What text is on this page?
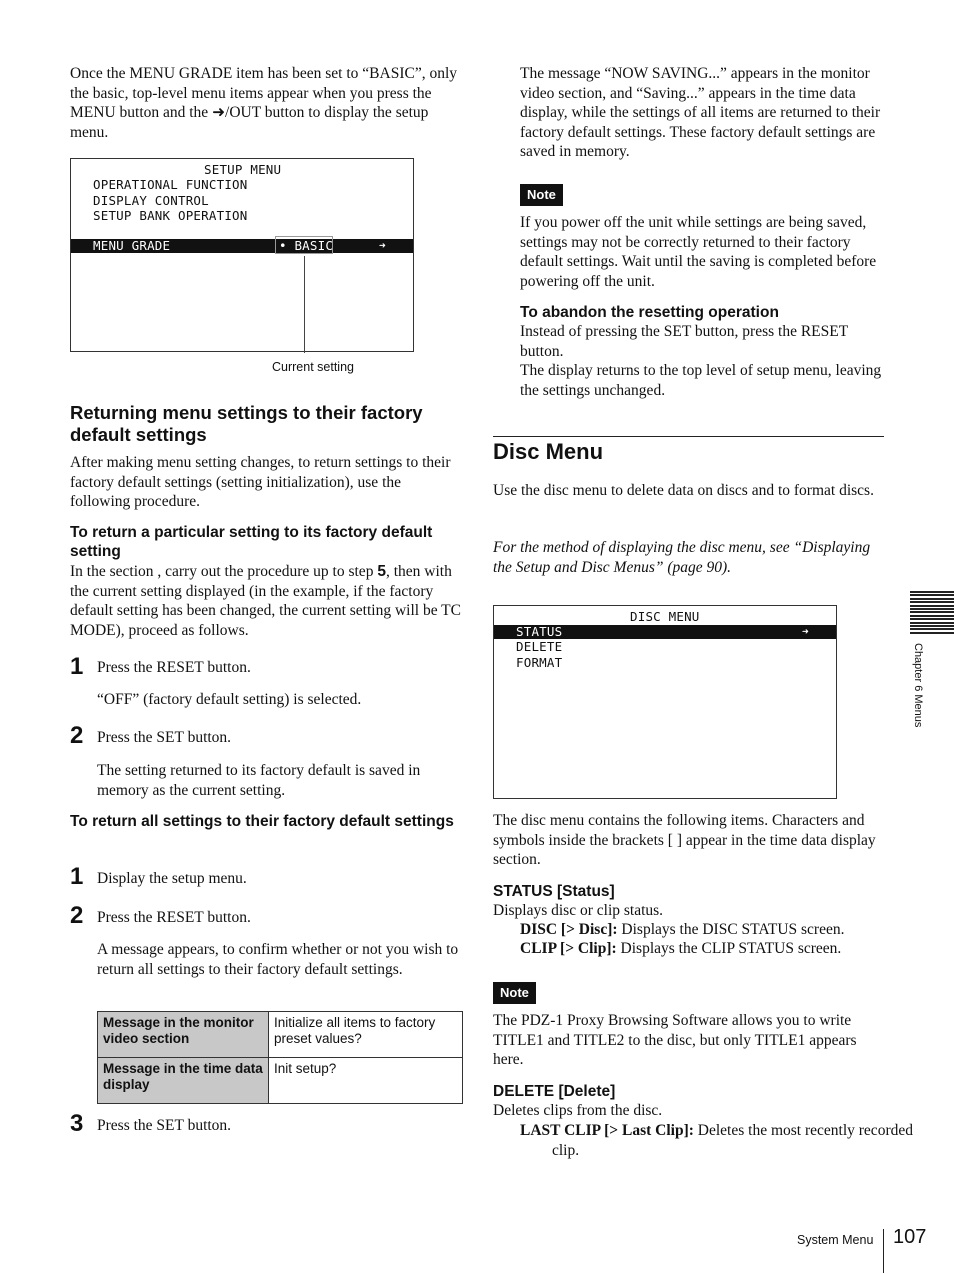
Once the MENU GRADE item has been set to “BASIC”, only the basic, top-level menu items appear when you press the MENU button and the ➜/OUT button to display the setup menu.
SETUP MENU
OPERATIONAL FUNCTION
DISPLAY CONTROL
SETUP BANK OPERATION
MENU GRADE	• BASIC	➜
Current setting
Returning menu settings to their factory default settings
After making menu setting changes, to return settings to their factory default settings (setting initialization), use the following procedure.
To return a particular setting to its factory default setting
In the section , carry out the procedure up to step 5, then with the current setting displayed (in the example, if the factory default setting has been changed, the current setting will be TC MODE), proceed as follows.
1 Press the RESET button.
“OFF” (factory default setting) is selected.
2 Press the SET button.
The setting returned to its factory default is saved in memory as the current setting.
To return all settings to their factory default settings
1 Display the setup menu.
2 Press the RESET button.
A message appears, to confirm whether or not you wish to return all settings to their factory default settings.
Message in the monitor video section	Initialize all items to factory preset values?
Message in the time data display	Init setup?
3 Press the SET button.
The message “NOW SAVING...” appears in the monitor video section, and “Saving...” appears in the time data display, while the settings of all items are returned to their factory default settings. These factory default settings are saved in memory.
Note
If you power off the unit while settings are being saved, settings may not be correctly returned to their factory default settings. Wait until the saving is completed before powering off the unit.
To abandon the resetting operation
Instead of pressing the SET button, press the RESET button.
The display returns to the top level of setup menu, leaving the settings unchanged.
Disc Menu
Use the disc menu to delete data on discs and to format discs.
For the method of displaying the disc menu, see “Displaying the Setup and Disc Menus” (page 90).
DISC MENU
STATUS	➜
DELETE
FORMAT
The disc menu contains the following items. Characters and symbols inside the brackets [ ] appear in the time data display section.
STATUS [Status]
Displays disc or clip status.
DISC [> Disc]: Displays the DISC STATUS screen.
CLIP [> Clip]: Displays the CLIP STATUS screen.
Note
The PDZ-1 Proxy Browsing Software allows you to write TITLE1 and TITLE2 to the disc, but only TITLE1 appears here.
DELETE [Delete]
Deletes clips from the disc.
LAST CLIP [> Last Clip]: Deletes the most recently recorded clip.
Chapter 6 Menus
System Menu 107
